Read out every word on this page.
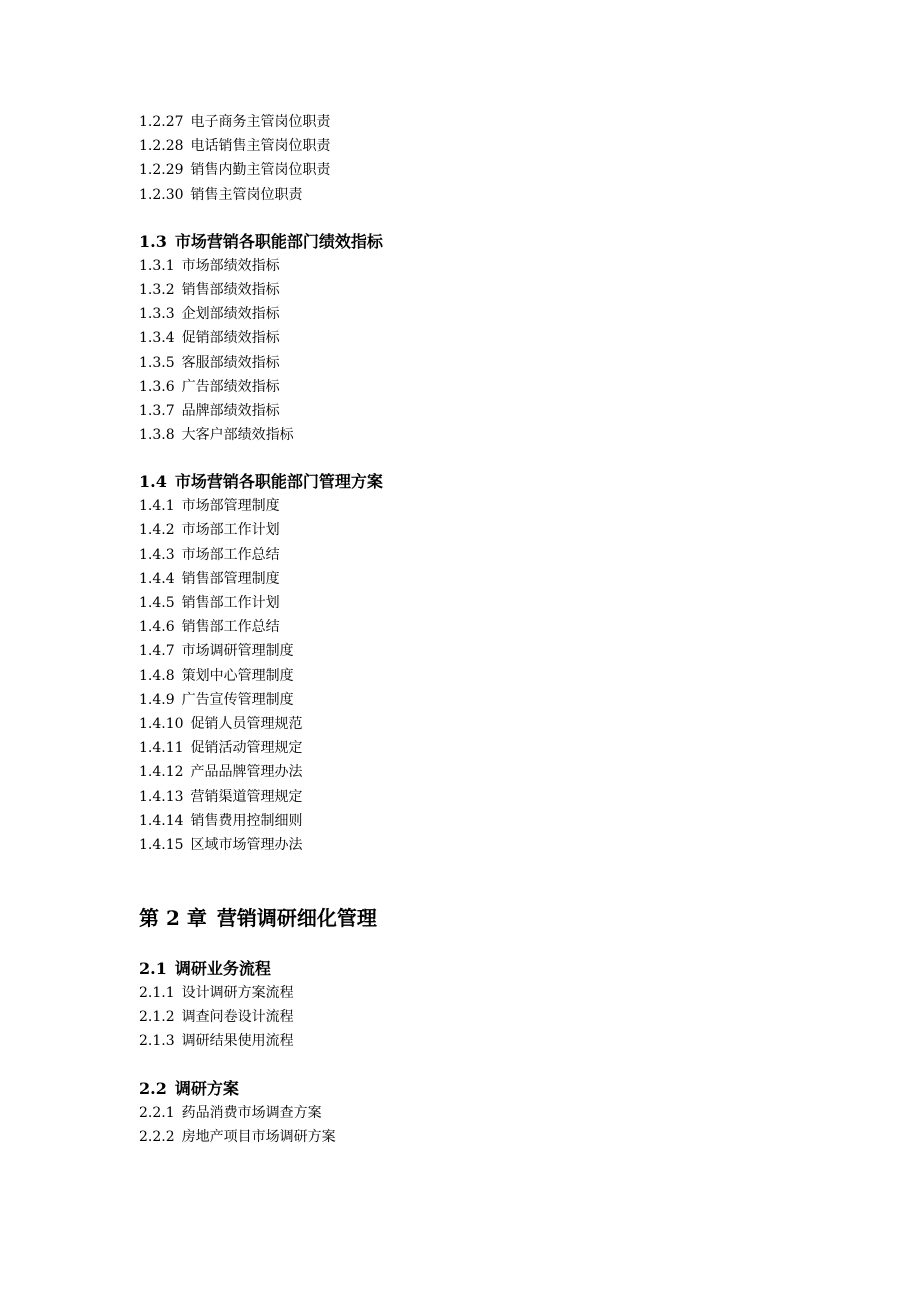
1.2.27 电子商务主管岗位职责
1.2.28 电话销售主管岗位职责
1.2.29 销售内勤主管岗位职责
1.2.30 销售主管岗位职责
1.3 市场营销各职能部门绩效指标
1.3.1 市场部绩效指标
1.3.2 销售部绩效指标
1.3.3 企划部绩效指标
1.3.4 促销部绩效指标
1.3.5 客服部绩效指标
1.3.6 广告部绩效指标
1.3.7 品牌部绩效指标
1.3.8 大客户部绩效指标
1.4 市场营销各职能部门管理方案
1.4.1 市场部管理制度
1.4.2 市场部工作计划
1.4.3 市场部工作总结
1.4.4 销售部管理制度
1.4.5 销售部工作计划
1.4.6 销售部工作总结
1.4.7 市场调研管理制度
1.4.8 策划中心管理制度
1.4.9 广告宣传管理制度
1.4.10 促销人员管理规范
1.4.11 促销活动管理规定
1.4.12 产品品牌管理办法
1.4.13 营销渠道管理规定
1.4.14 销售费用控制细则
1.4.15 区域市场管理办法
第 2 章 营销调研细化管理
2.1 调研业务流程
2.1.1 设计调研方案流程
2.1.2 调查问卷设计流程
2.1.3 调研结果使用流程
2.2 调研方案
2.2.1 药品消费市场调查方案
2.2.2 房地产项目市场调研方案
